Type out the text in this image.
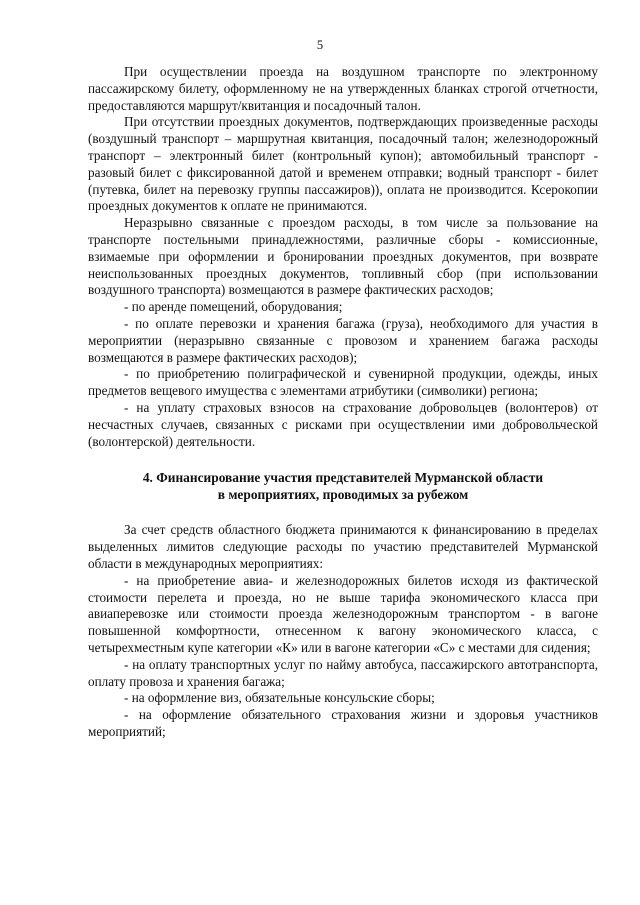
5

При осуществлении проезда на воздушном транспорте по электронному пассажирскому билету, оформленному не на утвержденных бланках строгой отчетности, предоставляются маршрут/квитанция и посадочный талон.

При отсутствии проездных документов, подтверждающих произведенные расходы (воздушный транспорт – маршрутная квитанция, посадочный талон; железнодорожный транспорт – электронный билет (контрольный купон); автомобильный транспорт - разовый билет с фиксированной датой и временем отправки; водный транспорт - билет (путевка, билет на перевозку группы пассажиров)), оплата не производится. Ксерокопии проездных документов к оплате не принимаются.

Неразрывно связанные с проездом расходы, в том числе за пользование на транспорте постельными принадлежностями, различные сборы - комиссионные, взимаемые при оформлении и бронировании проездных документов, при возврате неиспользованных проездных документов, топливный сбор (при использовании воздушного транспорта) возмещаются в размере фактических расходов;

- по аренде помещений, оборудования;

- по оплате перевозки и хранения багажа (груза), необходимого для участия в мероприятии (неразрывно связанные с провозом и хранением багажа расходы возмещаются в размере фактических расходов);

- по приобретению полиграфической и сувенирной продукции, одежды, иных предметов вещевого имущества с элементами атрибутики (символики) региона;

- на уплату страховых взносов на страхование добровольцев (волонтеров) от несчастных случаев, связанных с рисками при осуществлении ими добровольческой (волонтерской) деятельности.

4. Финансирование участия представителей Мурманской области
в мероприятиях, проводимых за рубежом

За счет средств областного бюджета принимаются к финансированию в пределах выделенных лимитов следующие расходы по участию представителей Мурманской области в международных мероприятиях:

- на приобретение авиа- и железнодорожных билетов исходя из фактической стоимости перелета и проезда, но не выше тарифа экономического класса при авиаперевозке или стоимости проезда железнодорожным транспортом - в вагоне повышенной комфортности, отнесенном к вагону экономического класса, с четырехместным купе категории «К» или в вагоне категории «С» с местами для сидения;

- на оплату транспортных услуг по найму автобуса, пассажирского автотранспорта, оплату провоза и хранения багажа;

- на оформление виз, обязательные консульские сборы;

- на оформление обязательного страхования жизни и здоровья участников мероприятий;
